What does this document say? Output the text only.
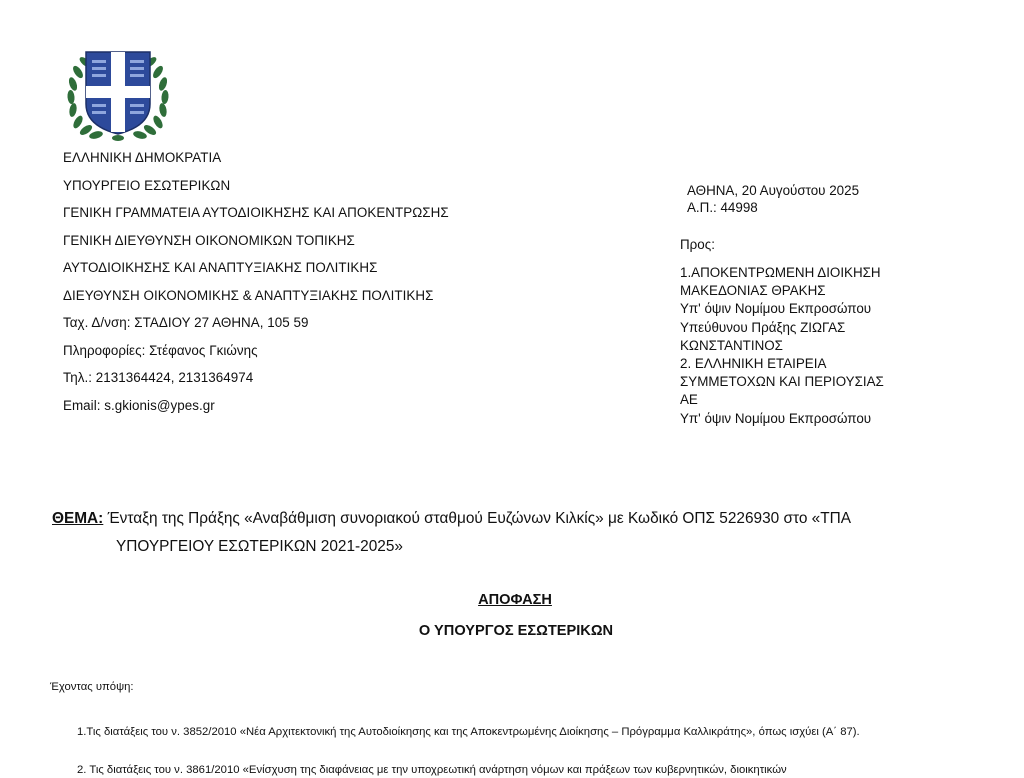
ΕΛΛΗΝΙΚΗ ΔΗΜΟΚΡΑΤΙΑ
ΥΠΟΥΡΓΕΙΟ ΕΣΩΤΕΡΙΚΩΝ
ΓΕΝΙΚΗ ΓΡΑΜΜΑΤΕΙΑ ΑΥΤΟΔΙΟΙΚΗΣΗΣ ΚΑΙ ΑΠΟΚΕΝΤΡΩΣΗΣ
ΓΕΝΙΚΗ ΔΙΕΥΘΥΝΣΗ ΟΙΚΟΝΟΜΙΚΩΝ ΤΟΠΙΚΗΣ
ΑΥΤΟΔΙΟΙΚΗΣΗΣ ΚΑΙ ΑΝΑΠΤΥΞΙΑΚΗΣ ΠΟΛΙΤΙΚΗΣ
ΔΙΕΥΘΥΝΣΗ ΟΙΚΟΝΟΜΙΚΗΣ & ΑΝΑΠΤΥΞΙΑΚΗΣ ΠΟΛΙΤΙΚΗΣ
Ταχ. Δ/νση: ΣΤΑΔΙΟΥ 27 ΑΘΗΝΑ, 105 59
Πληροφορίες: Στέφανος Γκιώνης
Τηλ.: 2131364424, 2131364974
Email: s.gkionis@ypes.gr
ΑΘΗΝΑ, 20 Αυγούστου 2025
Α.Π.: 44998
Προς:
1.ΑΠΟΚΕΝΤΡΩΜΕΝΗ ΔΙΟΙΚΗΣΗ
ΜΑΚΕΔΟΝΙΑΣ ΘΡΑΚΗΣ
Υπ' όψιν Νομίμου Εκπροσώπου
Υπεύθυνου Πράξης ΖΙΩΓΑΣ
ΚΩΝΣΤΑΝΤΙΝΟΣ
2. ΕΛΛΗΝΙΚΗ ΕΤΑΙΡΕΙΑ
ΣΥΜΜΕΤΟΧΩΝ ΚΑΙ ΠΕΡΙΟΥΣΙΑΣ
ΑΕ
Υπ' όψιν Νομίμου Εκπροσώπου
ΘΕΜΑ: Ένταξη της Πράξης «Αναβάθμιση συνοριακού σταθμού Ευζώνων Κιλκίς» με Κωδικό ΟΠΣ 5226930 στο «ΤΠΑ
ΥΠΟΥΡΓΕΙΟΥ ΕΣΩΤΕΡΙΚΩΝ 2021-2025»
ΑΠΟΦΑΣΗ
Ο ΥΠΟΥΡΓΟΣ ΕΣΩΤΕΡΙΚΩΝ
Έχοντας υπόψη:
1.Τις διατάξεις του ν. 3852/2010 «Νέα Αρχιτεκτονική της Αυτοδιοίκησης και της Αποκεντρωμένης Διοίκησης – Πρόγραμμα Καλλικράτης», όπως ισχύει (Α΄ 87).
2. Τις διατάξεις του ν. 3861/2010 «Ενίσχυση της διαφάνειας με την υποχρεωτική ανάρτηση νόμων και πράξεων των κυβερνητικών, διοικητικών
